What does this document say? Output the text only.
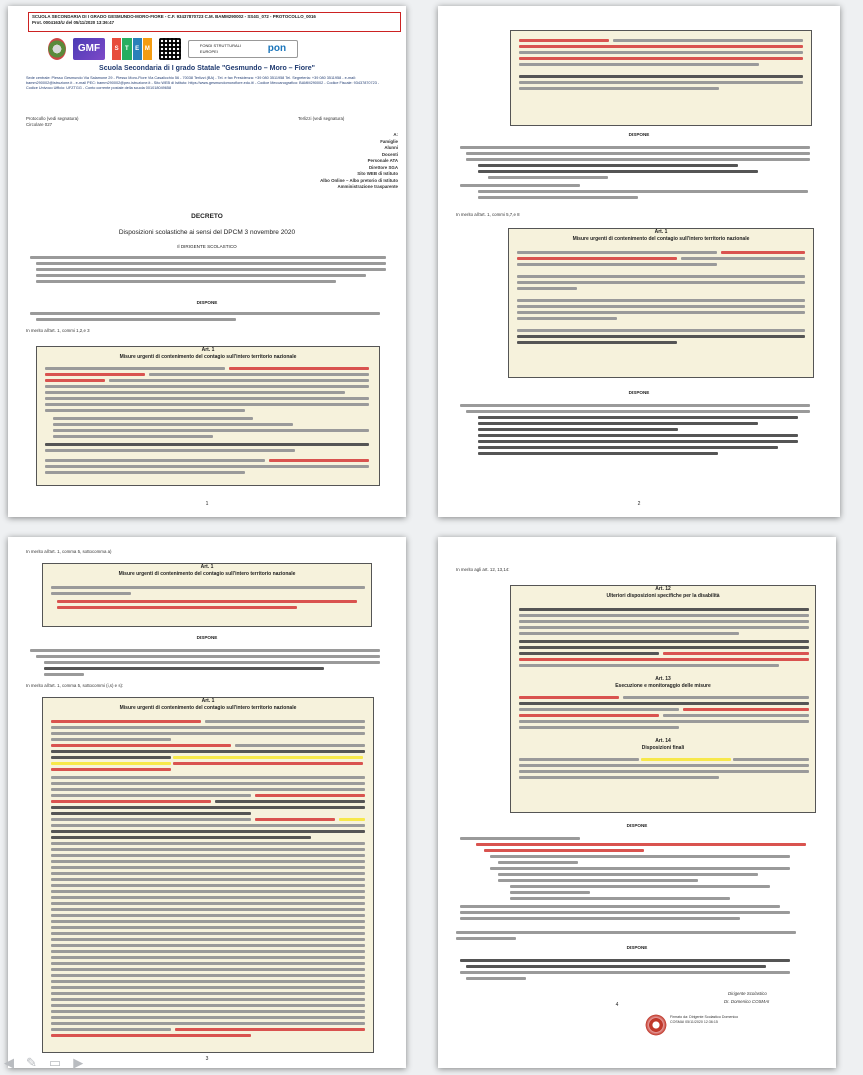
SCUOLA SECONDARIA DI I GRADO GESMUNDO-MORO-FIORE - C.F. 93437870723 C.M. BAMM290002 - SS4G_072 - PROTOCOLLO_0016
Prot. 0004163/U del 05/11/2020 13:36:47
GMF	S	T	E M
FONDI STRUTTURALI EUROPEI	pon
Scuola Secondaria di I grado Statale "Gesmundo – Moro – Fiore"
Sede centrale: Plesso Gesmundo Via Salamone 29 - Plesso Moro-Fiore Via Casalicchio 56 - 70038 Terlizzi (BA) - Tel. e fax Presidenza: +39 080 3511958 Tel. Segreteria: +39 080 3511958 - e-mail: bamm290002@istruzione.it - e-mail PEC: bamm290002@pec.istruzione.it - Sito WEB di Istituto: https://www.gesmundomorofiore.edu.it/ - Codice Meccanografico: BAMM290002 - Codice Fiscale: 93437870723 - Codice Univoco Ufficio: UFZTGG - Conto corrente postale della scuola 001018049658
Protocollo (vedi segnatura)
Circolare 027
Terlizzi (vedi segnatura)
A:
Famiglie
Alunni
Docenti
Personale ATA
Direttore SGA
Sito WEB di Istituto
Albo Online – Albo pretorio di Istituto
Amministrazione trasparente
DECRETO
Disposizioni scolastiche ai sensi del DPCM 3 novembre 2020
Il DIRIGENTE SCOLASTICO
DISPONE
In merito all'art. 1, commi 1,2,e 3
Art. 1
Misure urgenti di contenimento del contagio sull'intero territorio nazionale
1
DISPONE
In merito all'art. 1, commi 5,7,e 8
Art. 1
Misure urgenti di contenimento del contagio sull'intero territorio nazionale
DISPONE
2
In merito all'art. 1, comma 5, sottocomma a)
Art. 1
Misure urgenti di contenimento del contagio sull'intero territorio nazionale
DISPONE
In merito all'art. 1, comma 5, sottocommi (i,s) e s):
Art. 1
Misure urgenti di contenimento del contagio sull'intero territorio nazionale
3
In merito agli art. 12, 13,14:
Art. 12
Ulteriori disposizioni specifiche per la disabilità
Art. 13
Esecuzione e monitoraggio delle misure
Art. 14
Disposizioni finali
DISPONE
DISPONE
Dirigente Scolastico
Dr. Domenico COSMAI
Firmato da: Dirigente Scolastico Domenico COSMAI 05/11/2020 12:36:15
4
◀ ✎ ▭ ▶
